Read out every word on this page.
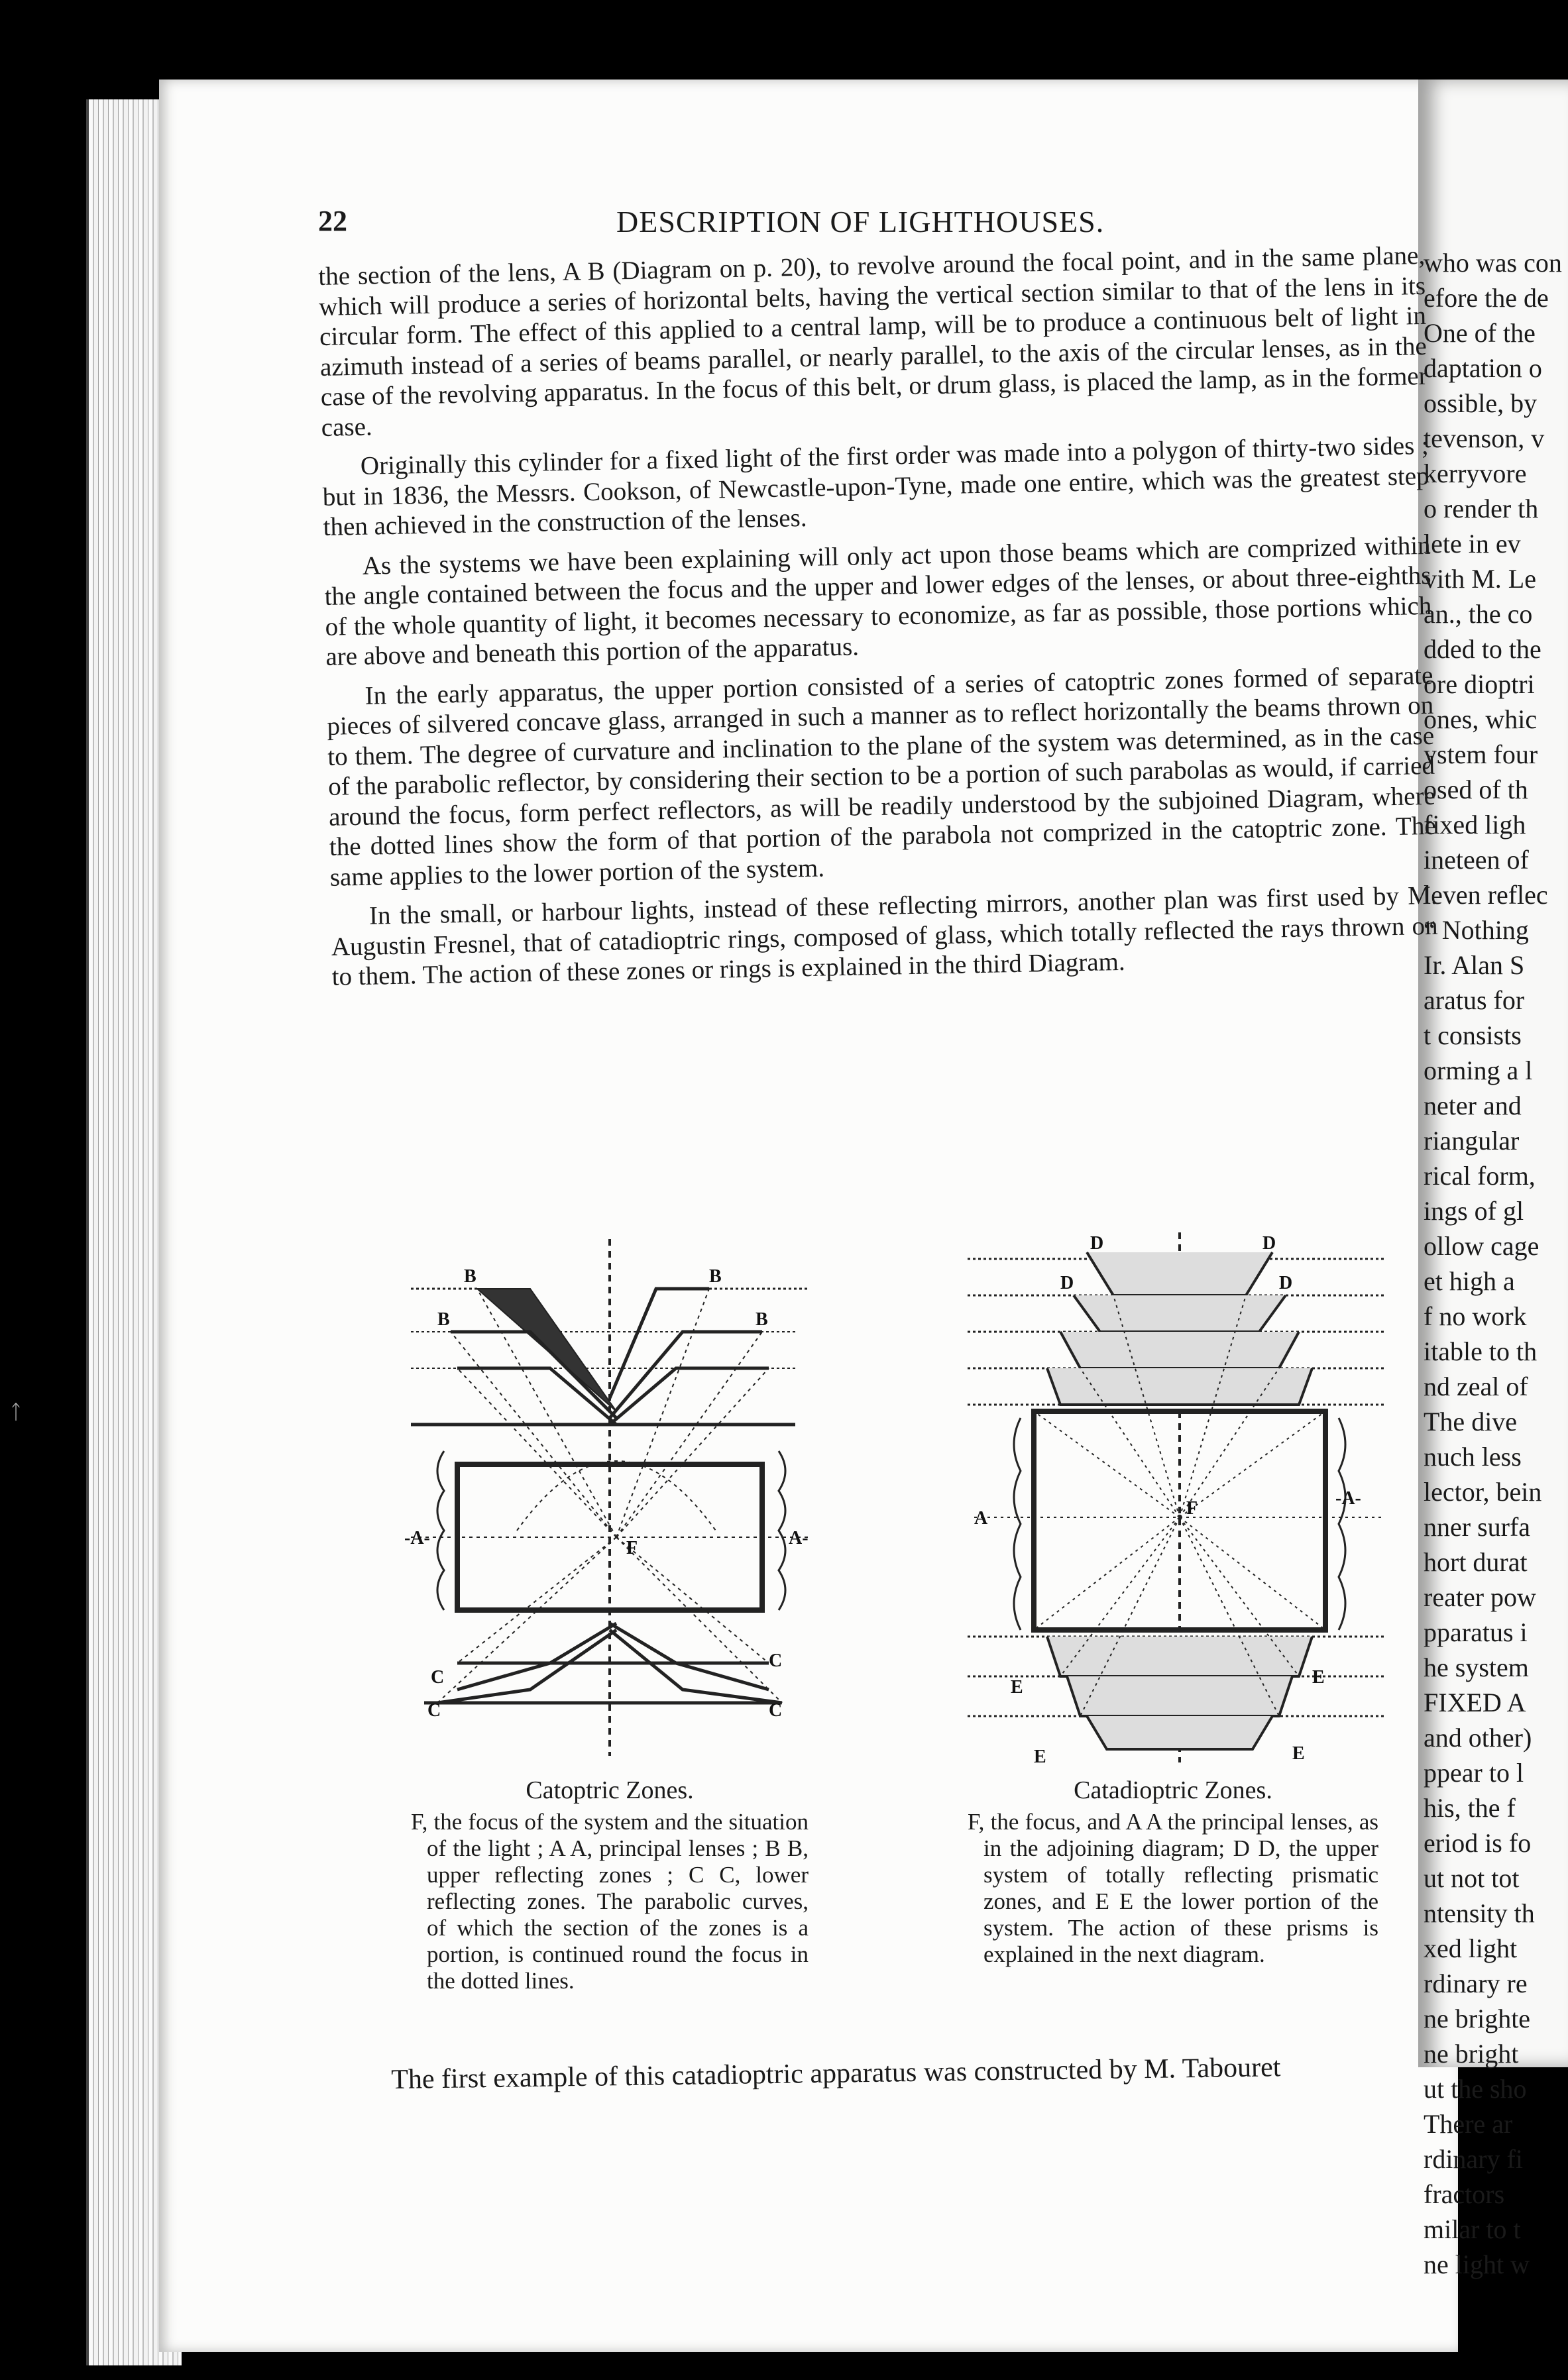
who was con
efore the de
One of the
daptation o
ossible, by
tevenson, v
kerryvore
o render th
lete in ev
vith M. Le
an., the co
dded to the
ore dioptri
ones, whic
ystem four
osed of th
fixed ligh
ineteen of
leven reflec
“ Nothing
Ir. Alan S
aratus for
t consists
orming a l
neter and
riangular
rical form,
ings of gl
ollow cage
et high a
f no work
itable to th
nd zeal of
The dive
nuch less
lector, bein
nner surfa
hort durat
reater pow
pparatus i
he system
FIXED A
and other)
ppear to l
his, the f
eriod is fo
ut not tot
ntensity th
xed light
rdinary re
ne brighte
ne bright
ut the sho
There ar
rdinary fi
fractors
milar to t
ne light w
22	DESCRIPTION OF LIGHTHOUSES.

the section of the lens, A B (Diagram on p. 20), to revolve around the focal point, and in the same plane, which will produce a series of horizontal belts, having the vertical section similar to that of the lens in its circular form. The effect of this applied to a central lamp, will be to produce a continuous belt of light in azimuth instead of a series of beams parallel, or nearly parallel, to the axis of the circular lenses, as in the case of the revolving apparatus. In the focus of this belt, or drum glass, is placed the lamp, as in the former case.

Originally this cylinder for a fixed light of the first order was made into a polygon of thirty-two sides ; but in 1836, the Messrs. Cookson, of Newcastle-upon-Tyne, made one entire, which was the greatest step then achieved in the construction of the lenses.

As the systems we have been explaining will only act upon those beams which are comprized within the angle contained between the focus and the upper and lower edges of the lenses, or about three-eighths of the whole quantity of light, it becomes necessary to economize, as far as possible, those portions which are above and beneath this portion of the apparatus.

In the early apparatus, the upper portion consisted of a series of catoptric zones formed of separate pieces of silvered concave glass, arranged in such a manner as to reflect horizontally the beams thrown on to them. The degree of curvature and inclination to the plane of the system was determined, as in the case of the parabolic reflector, by considering their section to be a portion of such parabolas as would, if carried around the focus, form perfect reflectors, as will be readily understood by the subjoined Diagram, where the dotted lines show the form of that portion of the parabola not comprized in the catoptric zone. The same applies to the lower portion of the system.

In the small, or harbour lights, instead of these reflecting mirrors, another plan was first used by M. Augustin Fresnel, that of catadioptric rings, composed of glass, which totally reflected the rays thrown on to them. The action of these zones or rings is explained in the third Diagram.

B	B
B	B
-A-	A-
F
C
C
C	C
Catoptric Zones.
F, the focus of the system and the situation of the light ; A A, principal lenses ; B B, upper reflecting zones ; C C, lower reflecting zones. The parabolic curves, of which the section of the zones is a portion, is continued round the focus in the dotted lines.
D	D
D	D
A
-A-
F
E	E
E	E
Catadioptric Zones.
F, the focus, and A A the principal lenses, as in the adjoining diagram; D D, the upper system of totally reflecting prismatic zones, and E E the lower portion of the system. The action of these prisms is explained in the next diagram.
The first example of this catadioptric apparatus was constructed by M. Tabouret
ᛏ
